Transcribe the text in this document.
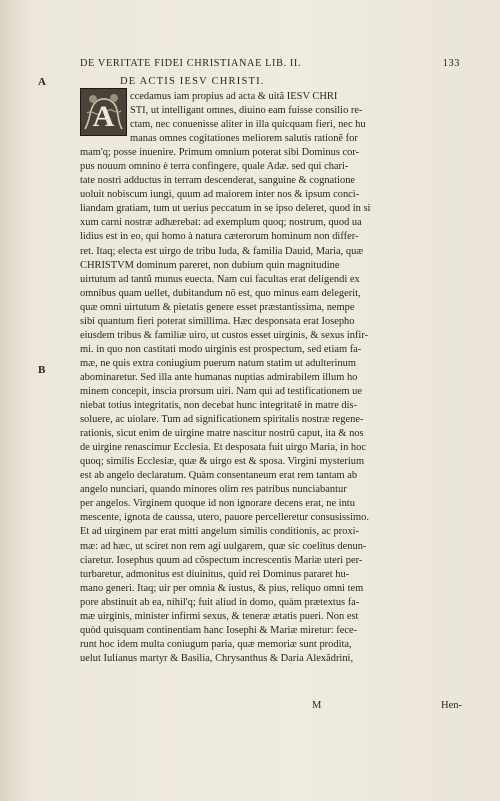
DE VERITATE FIDEI CHRISTIANAE LIB. II.	133
A	DE ACTIS IESV CHRISTI.
A
ccedamus iam propius ad acta & uitã IESV CHRI
STI, ut intelligant omnes, diuino eam fuisse consilio re-
ctam, nec conuenisse aliter in illa quicquam fieri, nec hu
manas omnes cogitationes meliorem salutis rationẽ for
mam'q; posse inuenire. Primum omnium poterat sibi Dominus cor-
pus nouum omnino è terra confingere, quale Adæ. sed qui chari-
tate nostri adductus in terram descenderat, sanguine & cognatione
uoluit nobiscum iungi, quum ad maiorem inter nos & ipsum conci-
liandam gratiam, tum ut uerius peccatum in se ipso deleret, quod in si
xum carni nostræ adhærebat: ad exemplum quoq; nostrum, quod ua
lidius est in eo, qui homo à natura cæterorum hominum non differ-
ret. Itaq; electa est uirgo de tribu Iuda, & familia Dauid, Maria, quæ
CHRISTVM dominum pareret, non dubium quin magnitudine
uirtutum ad tantũ munus euecta. Nam cui facultas erat deligendi ex
omnibus quam uellet, dubitandum nõ est, quo minus eam delegerit,
quæ omni uirtutum & pietatis genere esset præstantissima, nempe
sibi quantum fieri poterat simillima. Hæc desponsata erat Iosepho
eiusdem tribus & familiæ uiro, ut custos esset uirginis, & sexus infir-
mi. in quo non castitati modo uirginis est prospectum, sed etiam fa-
mæ, ne quis extra coniugium puerum natum statim ut adulterinum
abominaretur. Sed illa ante humanas nuptias admirabilem illum ho
minem concepit, inscia prorsum uiri. Nam qui ad testificationem ue
niebat totius integritatis, non decebat hunc integritatẽ in matre dis-
soluere, ac uiolare. Tum ad significationem spiritalis nostræ regene-
rationis, sicut enim de uirgine matre nascitur nostrũ caput, ita & nos
de uirgine renascimur Ecclesia. Et desposata fuit uirgo Maria, in hoc
quoq; similis Ecclesiæ, quæ & uirgo est & sposa. Virgini mysterium
est ab angelo declaratum. Quàm consentaneum erat rem tantam ab
angelo nunciari, quando minores olim res patribus nunciabantur
per angelos. Virginem quoque id non ignorare decens erat, ne intu
mescente, ignota de caussa, utero, pauore percelleretur consusissimo.
Et ad uirginem par erat mitti angelum similis conditionis, ac proxi-
mæ: ad hæc, ut sciret non rem agi uulgarem, quæ sic coelitus denun-
ciaretur. Iosephus quum ad cõspectum increscentis Mariæ uteri per-
turbaretur, admonitus est diuinitus, quid rei Dominus pararet hu-
mano generi. Itaq; uir per omnia & iustus, & pius, reliquo omni tem
pore abstinuit ab ea, nihil'q; fuit aliud in domo, quàm prætextus fa-
mæ uirginis, minister infirmi sexus, & teneræ ætatis pueri. Non est
quòd quisquam continentiam hanc Iosephi & Mariæ miretur: fece-
runt hoc idem multa coniugum paria, quæ memoriæ sunt prodita,
uelut Iulianus martyr & Basilia, Chrysanthus & Daria Alexãdrini,
B
M	Hen-
